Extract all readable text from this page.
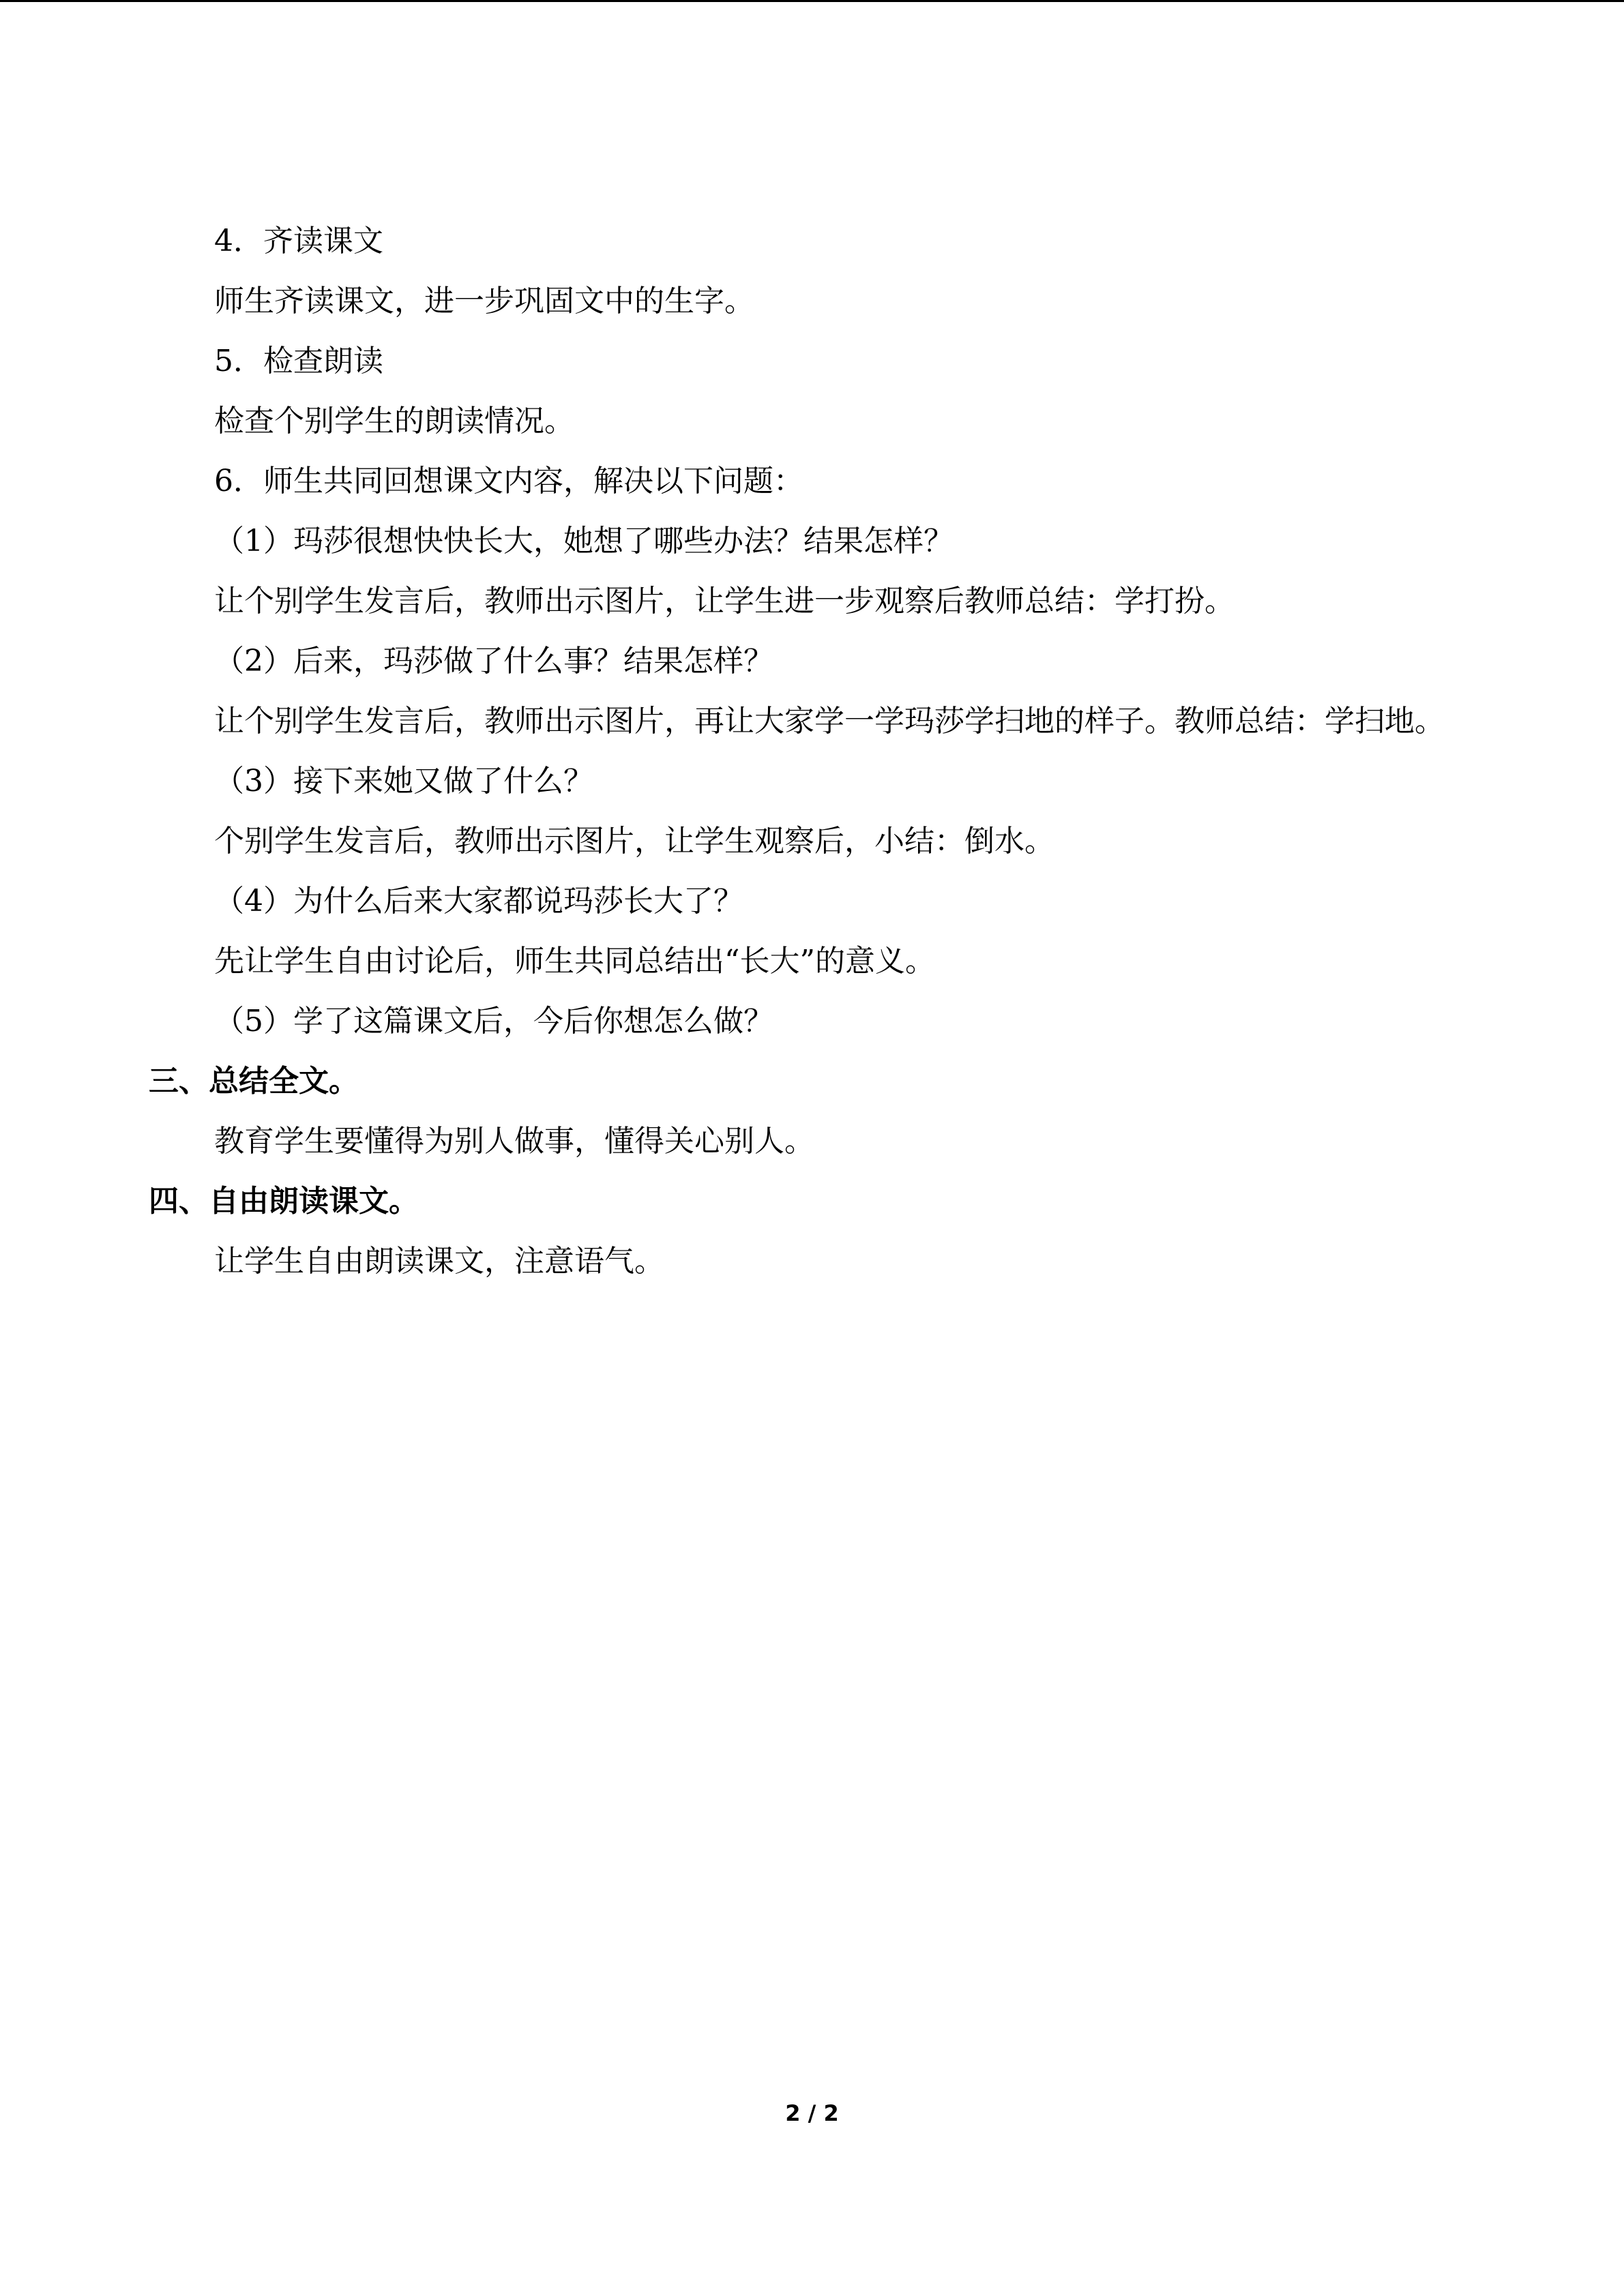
4．齐读课文

师生齐读课文，进一步巩固文中的生字。

5．检查朗读

检查个别学生的朗读情况。

6．师生共同回想课文内容，解决以下问题：

（1）玛莎很想快快长大，她想了哪些办法？结果怎样？

让个别学生发言后，教师出示图片，让学生进一步观察后教师总结：学打扮。

（2）后来，玛莎做了什么事？结果怎样？

让个别学生发言后，教师出示图片，再让大家学一学玛莎学扫地的样子。教师总结：学扫地。

（3）接下来她又做了什么？

个别学生发言后，教师出示图片，让学生观察后，小结：倒水。

（4）为什么后来大家都说玛莎长大了？

先让学生自由讨论后，师生共同总结出“长大”的意义。

（5）学了这篇课文后，今后你想怎么做？

三、总结全文。

教育学生要懂得为别人做事，懂得关心别人。

四、自由朗读课文。

让学生自由朗读课文，注意语气。

2 / 2
